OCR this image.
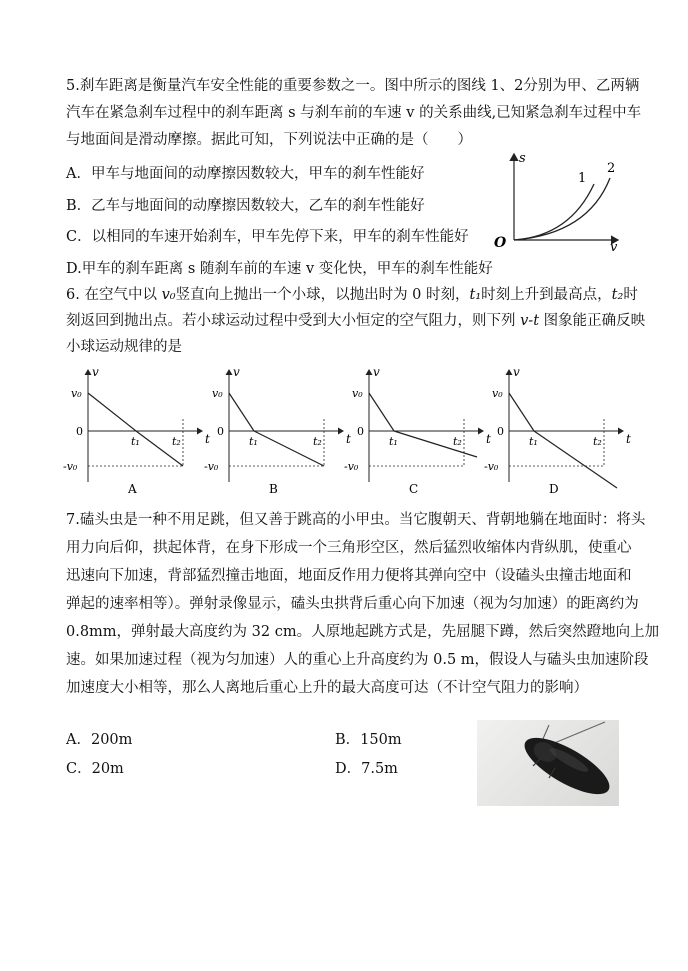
5.刹车距离是衡量汽车安全性能的重要参数之一。图中所示的图线 1、2分别为甲、乙两辆
汽车在紧急刹车过程中的刹车距离 s 与刹车前的车速 v 的关系曲线,已知紧急刹车过程中车
与地面间是滑动摩擦。据此可知，下列说法中正确的是（　　）
A．甲车与地面间的动摩擦因数较大，甲车的刹车性能好
B．乙车与地面间的动摩擦因数较大，乙车的刹车性能好
C．以相同的车速开始刹车，甲车先停下来，甲车的刹车性能好
D.甲车的刹车距离 s 随刹车前的车速 v 变化快，甲车的刹车性能好
s
v
O
1
2
6. 在空气中以 v₀竖直向上抛出一个小球，以抛出时为 0 时刻，t₁时刻上升到最高点，t₂时
刻返回到抛出点。若小球运动过程中受到大小恒定的空气阻力，则下列 v-t 图象能正确反映
小球运动规律的是
v
t
v₀
0
-v₀
t₁	t₂
A
v
t
v₀
0
-v₀
t₁	t₂
B
v
t
v₀
0
-v₀
t₁	t₂
C
v
t
v₀
0
-v₀
t₁	t₂
D
7.磕头虫是一种不用足跳，但又善于跳高的小甲虫。当它腹朝天、背朝地躺在地面时：将头
用力向后仰，拱起体背，在身下形成一个三角形空区，然后猛烈收缩体内背纵肌，使重心
迅速向下加速，背部猛烈撞击地面，地面反作用力便将其弹向空中（设磕头虫撞击地面和
弹起的速率相等）。弹射录像显示，磕头虫拱背后重心向下加速（视为匀加速）的距离约为
0.8mm，弹射最大高度约为 32 cm。人原地起跳方式是，先屈腿下蹲，然后突然蹬地向上加
速。如果加速过程（视为匀加速）人的重心上升高度约为 0.5 m，假设人与磕头虫加速阶段
加速度大小相等，那么人离地后重心上升的最大高度可达（不计空气阻力的影响）
A．200m	B．150m
C．20m	D．7.5m
